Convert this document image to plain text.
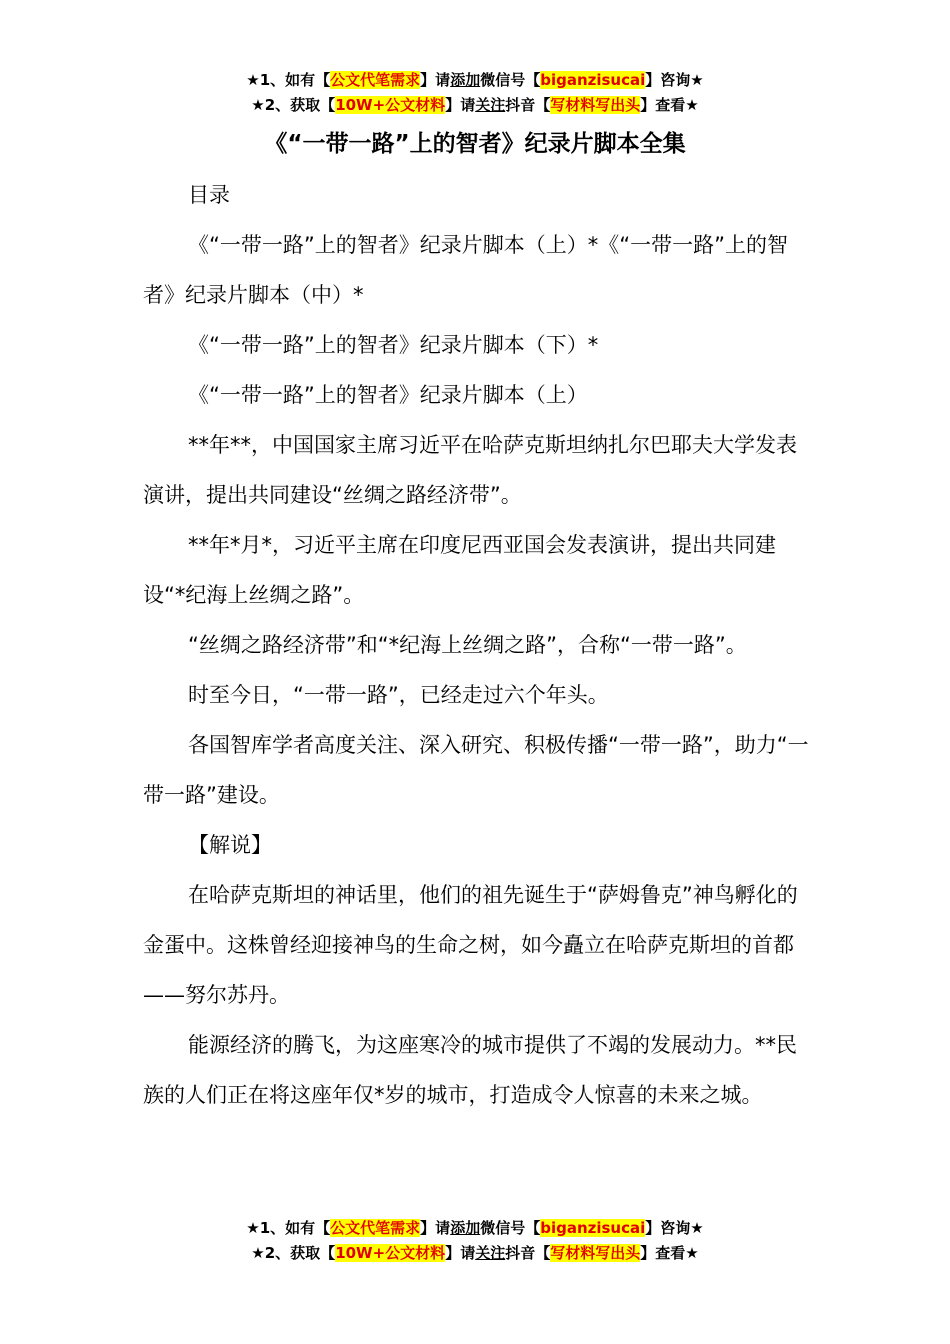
★1、如有【公文代笔需求】请添加微信号【biganzisucai】咨询★
★2、获取【10W+公文材料】请关注抖音【写材料写出头】查看★
《“一带一路”上的智者》纪录片脚本全集

目录

《“一带一路”上的智者》纪录片脚本（上）*《“一带一路”上的智者》纪录片脚本（中）*

《“一带一路”上的智者》纪录片脚本（下）*

《“一带一路”上的智者》纪录片脚本（上）

**年**，中国国家主席习近平在哈萨克斯坦纳扎尔巴耶夫大学发表演讲，提出共同建设“丝绸之路经济带”。

**年*月*，习近平主席在印度尼西亚国会发表演讲，提出共同建设“*纪海上丝绸之路”。

“丝绸之路经济带”和“*纪海上丝绸之路”，合称“一带一路”。

时至今日，“一带一路”，已经走过六个年头。

各国智库学者高度关注、深入研究、积极传播“一带一路”，助力“一带一路”建设。

【解说】

在哈萨克斯坦的神话里，他们的祖先诞生于“萨姆鲁克”神鸟孵化的金蛋中。这株曾经迎接神鸟的生命之树，如今矗立在哈萨克斯坦的首都——努尔苏丹。

能源经济的腾飞，为这座寒冷的城市提供了不竭的发展动力。**民族的人们正在将这座年仅*岁的城市，打造成令人惊喜的未来之城。

★1、如有【公文代笔需求】请添加微信号【biganzisucai】咨询★
★2、获取【10W+公文材料】请关注抖音【写材料写出头】查看★
